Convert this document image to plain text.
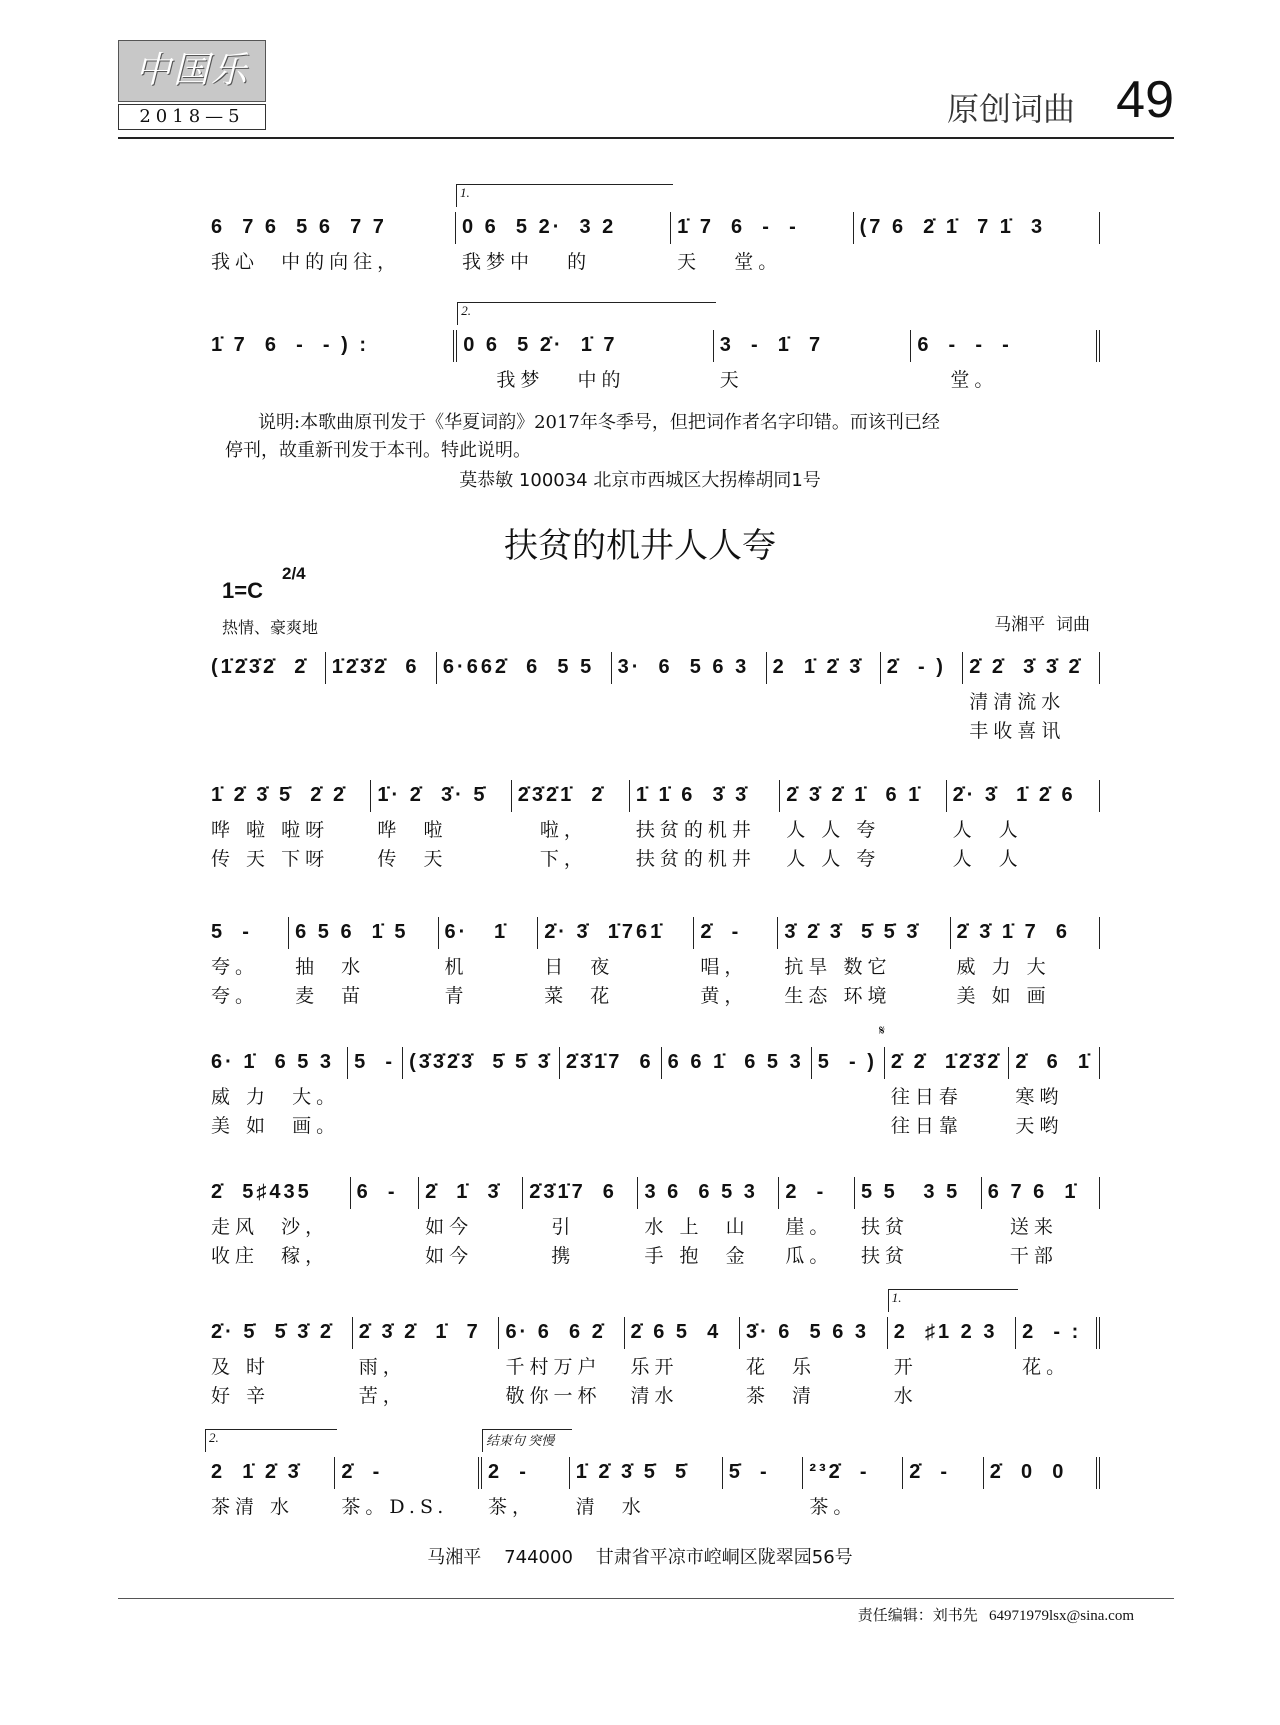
中国乐
2018—5	原创词曲 49
6  7 6  5 6  7 7
我心  中的向往，
1.
0 6  5 2·  3 2
我梦中   的
1̇ 7  6  -  -
天   堂。
(7 6  2̇ 1̇  7 1̇  3
1̇ 7  6  -  - ) :
2.
0 6  5 2̇·  1̇ 7
我梦   中的
3  -  1̇  7
天
6  -  -  -
堂。
说明:本歌曲原刊发于《华夏词韵》2017年冬季号，但把词作者名字印错。而该刊已经
停刊，故重新刊发于本刊。特此说明。
莫恭敏 100034 北京市西城区大拐棒胡同1号
扶贫的机井人人夸
1=C
2/4
热情、豪爽地	马湘平  词曲
(1̇2̇3̇2̇  2̇	1̇2̇3̇2̇  6	6·662̇  6  5 5	3·  6  5 6 3	2  1̇ 2̇ 3̇	2̇  - )	2̇ 2̇  3̇ 3̇ 2̇
清清流水
丰收喜讯
1̇ 2̇ 3̇ 5̇  2̇ 2̇
哗 啦 啦呀
传 天 下呀
1̇· 2̇  3̇· 5̇
哗  啦
传  天
2̇3̇2̇1̇  2̇
啦，
下，
1̇ 1̇ 6  3̇ 3̇
扶贫的机井
扶贫的机井
2̇ 3̇ 2̇ 1̇  6 1̇
人 人 夸
人 人 夸
2̇· 3̇  1̇ 2̇ 6
人  人
人  人
5  -
夸。
夸。
6 5 6  1̇ 5
抽  水
麦  苗
6·   1̇
机
青
2̇· 3̇  1̇761̇
日  夜
菜  花
2̇  -
唱，
黄，
3̇ 2̇ 3̇  5̇ 5̇ 3̇
抗旱 数它
生态 环境
2̇ 3̇ 1̇ 7  6
威 力 大
美 如 画
6· 1̇  6 5 3
威 力  大。
美 如  画。
5  - (3̇3̇2̇3̇  5̇ 5̇ 3̇ 2̇3̇1̇7  6 6 6 1̇  6 5 3 5  - )
𝄋
2̇ 2̇  1̇2̇3̇2̇
往日春
往日靠
2̇  6  1̇
寒哟
天哟
2̇  5♯435
走风  沙，
收庄  稼，
6  -	2̇  1̇  3̇
如今
如今
2̇3̇1̇7  6
引
携
3 6  6 5 3
水 上  山
手 抱  金
2  -
崖。
瓜。
5 5   3 5
扶贫
扶贫
6 7 6  1̇
送来
干部
2̇· 5̇  5̇ 3̇ 2̇
及 时
好 辛
2̇ 3̇ 2̇  1̇  7
雨，
苦，
6· 6  6 2̇
千村万户
敬你一杯
2̇ 6 5  4
乐开
清水
3̇· 6  5 6 3
花  乐
茶  清
1.
2  ♯1 2 3
开
水
2  - :
花。
2.
2  1̇ 2̇ 3̇
茶清 水
2̇  -
茶。D.S.
结束句 突慢
2  -
茶，
1̇ 2̇ 3̇ 5̇  5̇
清  水
5̇  -	²³2̇  -
茶。
2̇  -	2̇  0  0
马湘平    744000    甘肃省平凉市崆峒区陇翠园56号
责任编辑：刘书先   64971979lsx@sina.com
